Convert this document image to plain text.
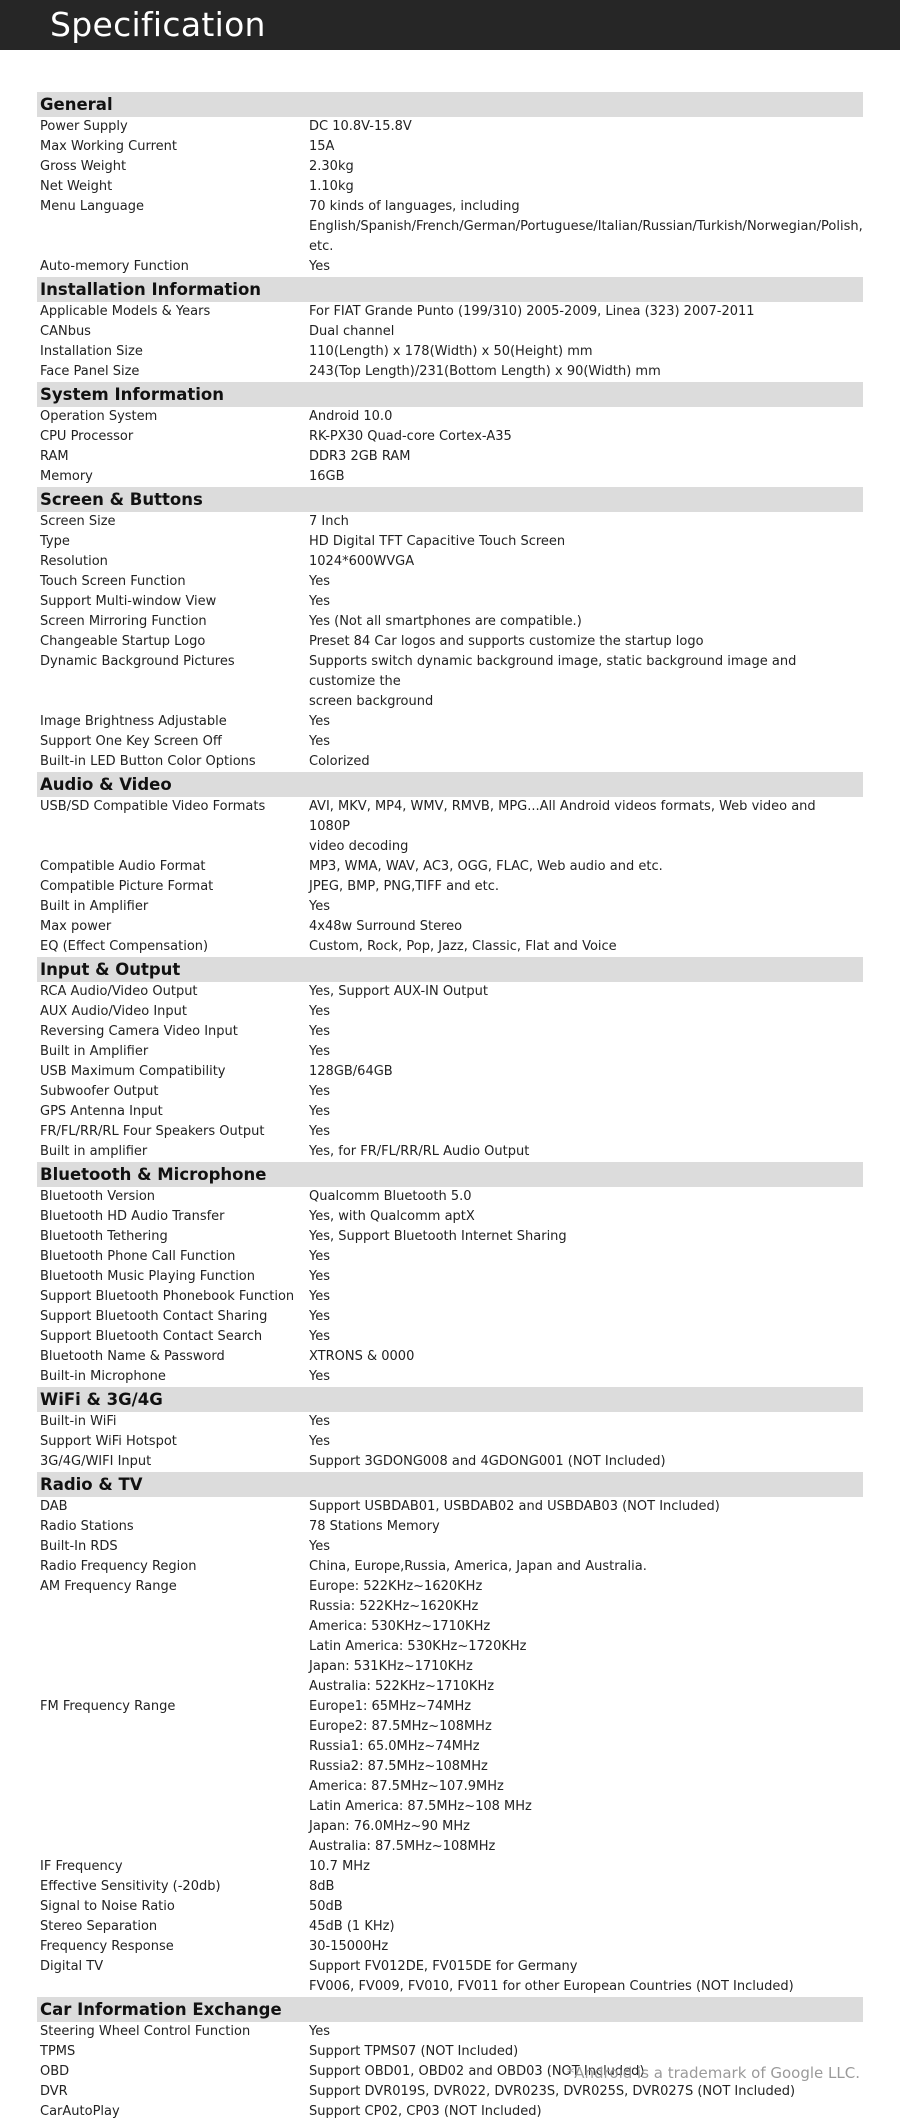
Specification
General
Power Supply	DC 10.8V-15.8V
Max Working Current	15A
Gross Weight	2.30kg
Net Weight	1.10kg
Menu Language	70 kinds of languages, including
English/Spanish/French/German/Portuguese/Italian/Russian/Turkish/Norwegian/Polish, etc.
Auto-memory Function	Yes
Installation Information
Applicable Models & Years	For FIAT Grande Punto (199/310) 2005-2009, Linea (323) 2007-2011
CANbus	Dual channel
Installation Size	110(Length) x 178(Width) x 50(Height) mm
Face Panel Size	243(Top Length)/231(Bottom Length) x 90(Width) mm
System Information
Operation System	Android 10.0
CPU Processor	RK-PX30 Quad-core Cortex-A35
RAM	DDR3 2GB RAM
Memory	16GB
Screen & Buttons
Screen Size	7 Inch
Type	HD Digital TFT Capacitive Touch Screen
Resolution	1024*600WVGA
Touch Screen Function	Yes
Support Multi-window View	Yes
Screen Mirroring Function	Yes (Not all smartphones are compatible.)
Changeable Startup Logo	Preset 84 Car logos and supports customize the startup logo
Dynamic Background Pictures	Supports switch dynamic background image, static background image and customize the
screen background
Image Brightness Adjustable	Yes
Support One Key Screen Off	Yes
Built-in LED Button Color Options	Colorized
Audio & Video
USB/SD Compatible Video Formats	AVI, MKV, MP4, WMV, RMVB, MPG...All Android videos formats, Web video and 1080P
video decoding
Compatible Audio Format	MP3, WMA, WAV, AC3, OGG, FLAC, Web audio and etc.
Compatible Picture Format	JPEG, BMP, PNG,TIFF and etc.
Built in Amplifier	Yes
Max power	4x48w Surround Stereo
EQ (Effect Compensation)	Custom, Rock, Pop, Jazz, Classic, Flat and Voice
Input & Output
RCA Audio/Video Output	Yes, Support AUX-IN Output
AUX Audio/Video Input	Yes
Reversing Camera Video Input	Yes
Built in Amplifier	Yes
USB Maximum Compatibility	128GB/64GB
Subwoofer Output	Yes
GPS Antenna Input	Yes
FR/FL/RR/RL Four Speakers Output	Yes
Built in amplifier	Yes, for FR/FL/RR/RL Audio Output
Bluetooth & Microphone
Bluetooth Version	Qualcomm Bluetooth 5.0
Bluetooth HD Audio Transfer	Yes, with Qualcomm aptX
Bluetooth Tethering	Yes, Support Bluetooth Internet Sharing
Bluetooth Phone Call Function	Yes
Bluetooth Music Playing Function	Yes
Support Bluetooth Phonebook Function	Yes
Support Bluetooth Contact Sharing	Yes
Support Bluetooth Contact Search	Yes
Bluetooth Name & Password	XTRONS & 0000
Built-in Microphone	Yes
WiFi & 3G/4G
Built-in WiFi	Yes
Support WiFi Hotspot	Yes
3G/4G/WIFI Input	Support 3GDONG008 and 4GDONG001 (NOT Included)
Radio & TV
DAB	Support USBDAB01, USBDAB02 and USBDAB03 (NOT Included)
Radio Stations	78 Stations Memory
Built-In RDS	Yes
Radio Frequency Region	China, Europe,Russia, America, Japan and Australia.
AM Frequency Range	Europe: 522KHz~1620KHz
Russia: 522KHz~1620KHz
America: 530KHz~1710KHz
Latin America: 530KHz~1720KHz
Japan: 531KHz~1710KHz
Australia: 522KHz~1710KHz
FM Frequency Range	Europe1: 65MHz~74MHz
Europe2: 87.5MHz~108MHz
Russia1: 65.0MHz~74MHz
Russia2: 87.5MHz~108MHz
America: 87.5MHz~107.9MHz
Latin America: 87.5MHz~108 MHz
Japan: 76.0MHz~90 MHz
Australia: 87.5MHz~108MHz
IF Frequency	10.7 MHz
Effective Sensitivity (-20db)	8dB
Signal to Noise Ratio	50dB
Stereo Separation	45dB (1 KHz)
Frequency Response	30-15000Hz
Digital TV	Support FV012DE, FV015DE for Germany
FV006, FV009, FV010, FV011 for other European Countries (NOT Included)
Car Information Exchange
Steering Wheel Control Function	Yes
TPMS	Support TPMS07 (NOT Included)
OBD	Support OBD01, OBD02 and OBD03 (NOT Included)
DVR	Support DVR019S, DVR022, DVR023S, DVR025S, DVR027S (NOT Included)
CarAutoPlay	Support CP02, CP03 (NOT Included)
*Android is a trademark of Google LLC.
